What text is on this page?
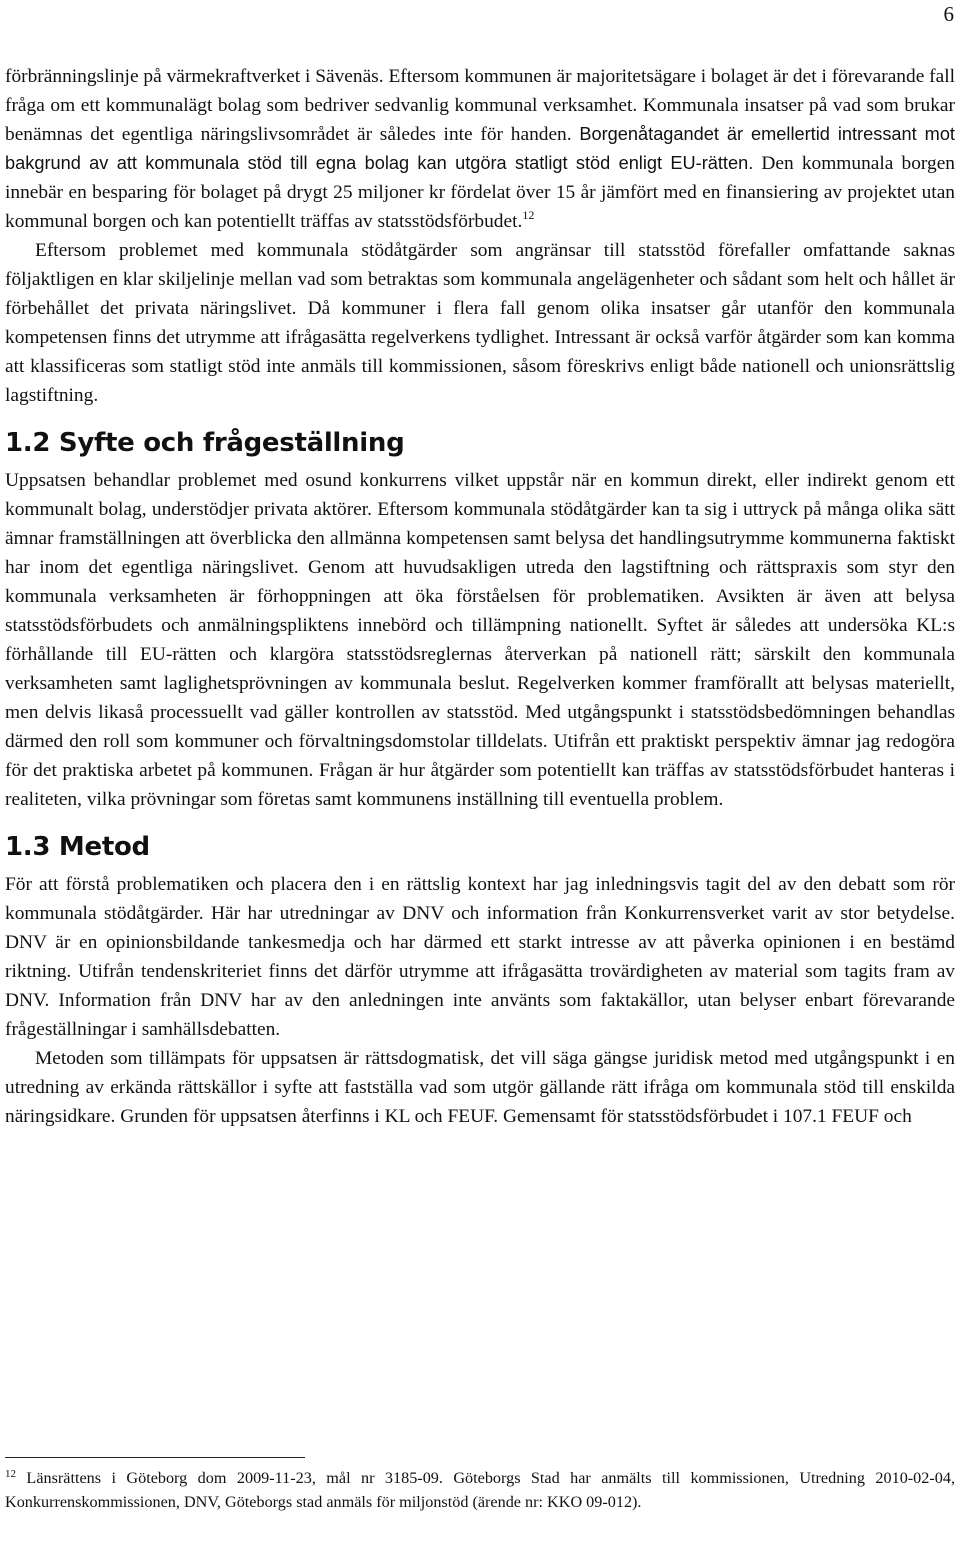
6

förbränningslinje på värmekraftverket i Sävenäs. Eftersom kommunen är majoritetsägare i bolaget är det i förevarande fall fråga om ett kommunalägt bolag som bedriver sedvanlig kommunal verksamhet. Kommunala insatser på vad som brukar benämnas det egentliga näringslivsområdet är således inte för handen. Borgenåtagandet är emellertid intressant mot bakgrund av att kommunala stöd till egna bolag kan utgöra statligt stöd enligt EU-rätten. Den kommunala borgen innebär en besparing för bolaget på drygt 25 miljoner kr fördelat över 15 år jämfört med en finansiering av projektet utan kommunal borgen och kan potentiellt träffas av statsstödsförbudet.$^{12}$

Eftersom problemet med kommunala stödåtgärder som angränsar till statsstöd förefaller omfattande saknas följaktligen en klar skiljelinje mellan vad som betraktas som kommunala angelägenheter och sådant som helt och hållet är förbehållet det privata näringslivet. Då kommuner i flera fall genom olika insatser går utanför den kommunala kompetensen finns det utrymme att ifrågasätta regelverkens tydlighet. Intressant är också varför åtgärder som kan komma att klassificeras som statligt stöd inte anmäls till kommissionen, såsom föreskrivs enligt både nationell och unionsrättslig lagstiftning.

1.2 Syfte och frågeställning

Uppsatsen behandlar problemet med osund konkurrens vilket uppstår när en kommun direkt, eller indirekt genom ett kommunalt bolag, understödjer privata aktörer. Eftersom kommunala stödåtgärder kan ta sig i uttryck på många olika sätt ämnar framställningen att överblicka den allmänna kompetensen samt belysa det handlingsutrymme kommunerna faktiskt har inom det egentliga näringslivet. Genom att huvudsakligen utreda den lagstiftning och rättspraxis som styr den kommunala verksamheten är förhoppningen att öka förståelsen för problematiken. Avsikten är även att belysa statsstödsförbudets och anmälningspliktens innebörd och tillämpning nationellt. Syftet är således att undersöka KL:s förhållande till EU-rätten och klargöra statsstödsreglernas återverkan på nationell rätt; särskilt den kommunala verksamheten samt laglighetsprövningen av kommunala beslut. Regelverken kommer framförallt att belysas materiellt, men delvis likaså processuellt vad gäller kontrollen av statsstöd. Med utgångspunkt i statsstödsbedömningen behandlas därmed den roll som kommuner och förvaltningsdomstolar tilldelats. Utifrån ett praktiskt perspektiv ämnar jag redogöra för det praktiska arbetet på kommunen. Frågan är hur åtgärder som potentiellt kan träffas av statsstödsförbudet hanteras i realiteten, vilka prövningar som företas samt kommunens inställning till eventuella problem.

1.3 Metod

För att förstå problematiken och placera den i en rättslig kontext har jag inledningsvis tagit del av den debatt som rör kommunala stödåtgärder. Här har utredningar av DNV och information från Konkurrensverket varit av stor betydelse. DNV är en opinionsbildande tankesmedja och har därmed ett starkt intresse av att påverka opinionen i en bestämd riktning. Utifrån tendenskriteriet finns det därför utrymme att ifrågasätta trovärdigheten av material som tagits fram av DNV. Information från DNV har av den anledningen inte använts som faktakällor, utan belyser enbart förevarande frågeställningar i samhällsdebatten.

Metoden som tillämpats för uppsatsen är rättsdogmatisk, det vill säga gängse juridisk metod med utgångspunkt i en utredning av erkända rättskällor i syfte att fastställa vad som utgör gällande rätt ifråga om kommunala stöd till enskilda näringsidkare. Grunden för uppsatsen återfinns i KL och FEUF. Gemensamt för statsstödsförbudet i 107.1 FEUF och

$^{12}$ Länsrättens i Göteborg dom 2009-11-23, mål nr 3185-09. Göteborgs Stad har anmälts till kommissionen, Utredning 2010-02-04, Konkurrenskommissionen, DNV, Göteborgs stad anmäls för miljonstöd (ärende nr: KKO 09-012).
